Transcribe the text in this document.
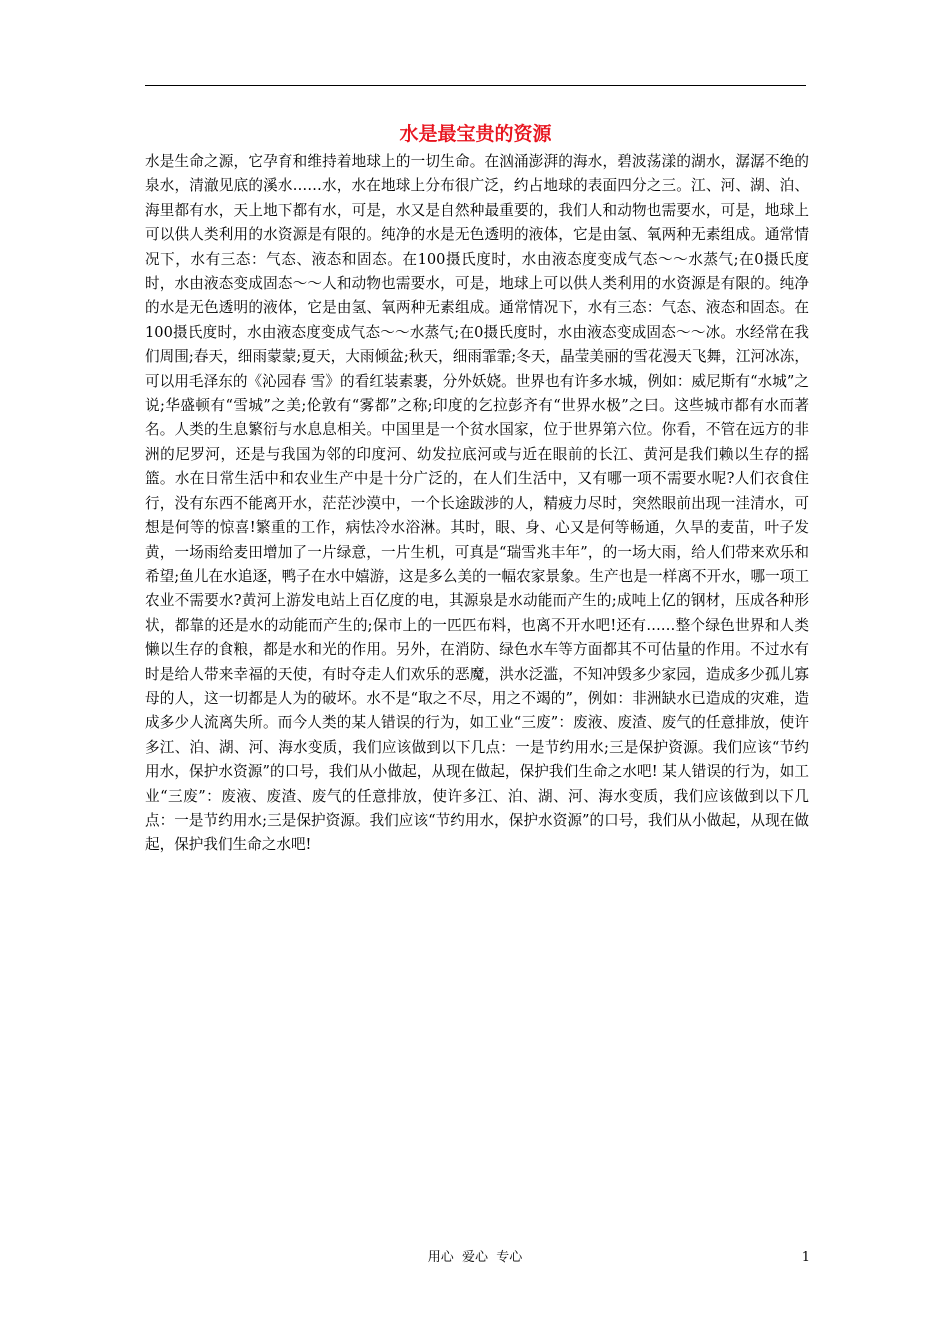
水是最宝贵的资源

水是生命之源，它孕育和维持着地球上的一切生命。在汹涌澎湃的海水，碧波荡漾的湖水，潺潺不绝的泉水，清澈见底的溪水……水，水在地球上分布很广泛，约占地球的表面四分之三。江、河、湖、泊、海里都有水，天上地下都有水，可是，水又是自然种最重要的，我们人和动物也需要水，可是，地球上可以供人类利用的水资源是有限的。纯净的水是无色透明的液体，它是由氢、氧两种无素组成。通常情况下，水有三态：气态、液态和固态。在100摄氏度时，水由液态度变成气态～～水蒸气;在0摄氏度时，水由液态变成固态～～人和动物也需要水，可是，地球上可以供人类利用的水资源是有限的。纯净的水是无色透明的液体，它是由氢、氧两种无素组成。通常情况下，水有三态：气态、液态和固态。在100摄氏度时，水由液态度变成气态～～水蒸气;在0摄氏度时，水由液态变成固态～～冰。水经常在我们周围;春天，细雨蒙蒙;夏天，大雨倾盆;秋天，细雨霏霏;冬天，晶莹美丽的雪花漫天飞舞，江河冰冻，可以用毛泽东的《沁园春 雪》的看红装素裹，分外妖娆。世界也有许多水城，例如：威尼斯有“水城”之说;华盛顿有“雪城”之美;伦敦有“雾都”之称;印度的乞拉彭齐有“世界水极”之曰。这些城市都有水而著名。人类的生息繁衍与水息息相关。中国里是一个贫水国家，位于世界第六位。你看，不管在远方的非洲的尼罗河，还是与我国为邻的印度河、幼发拉底河或与近在眼前的长江、黄河是我们赖以生存的摇篮。水在日常生活中和农业生产中是十分广泛的，在人们生活中，又有哪一项不需要水呢?人们衣食住行，没有东西不能离开水，茫茫沙漠中，一个长途跋涉的人，精疲力尽时，突然眼前出现一洼清水，可想是何等的惊喜!繁重的工作，病怯冷水浴淋。其时，眼、身、心又是何等畅通，久旱的麦苗，叶子发黄，一场雨给麦田增加了一片绿意，一片生机，可真是“瑞雪兆丰年”，的一场大雨，给人们带来欢乐和希望;鱼儿在水追逐，鸭子在水中嬉游，这是多么美的一幅农家景象。生产也是一样离不开水，哪一项工农业不需要水?黄河上游发电站上百亿度的电，其源泉是水动能而产生的;成吨上亿的钢材，压成各种形状，都靠的还是水的动能而产生的;保市上的一匹匹布料，也离不开水吧!还有……整个绿色世界和人类懒以生存的食粮，都是水和光的作用。另外，在消防、绿色水车等方面都其不可估量的作用。不过水有时是给人带来幸福的天使，有时夺走人们欢乐的恶魔，洪水泛滥，不知冲毁多少家园，造成多少孤儿寡母的人，这一切都是人为的破坏。水不是“取之不尽，用之不竭的”，例如：非洲缺水已造成的灾难，造成多少人流离失所。而今人类的某人错误的行为，如工业“三废”：废液、废渣、废气的任意排放，使许多江、泊、湖、河、海水变质，我们应该做到以下几点：一是节约用水;三是保护资源。我们应该“节约用水，保护水资源”的口号，我们从小做起，从现在做起，保护我们生命之水吧! 某人错误的行为，如工业“三废”：废液、废渣、废气的任意排放，使许多江、泊、湖、河、海水变质，我们应该做到以下几点：一是节约用水;三是保护资源。我们应该“节约用水，保护水资源”的口号，我们从小做起，从现在做起，保护我们生命之水吧!

用心  爱心  专心	1
